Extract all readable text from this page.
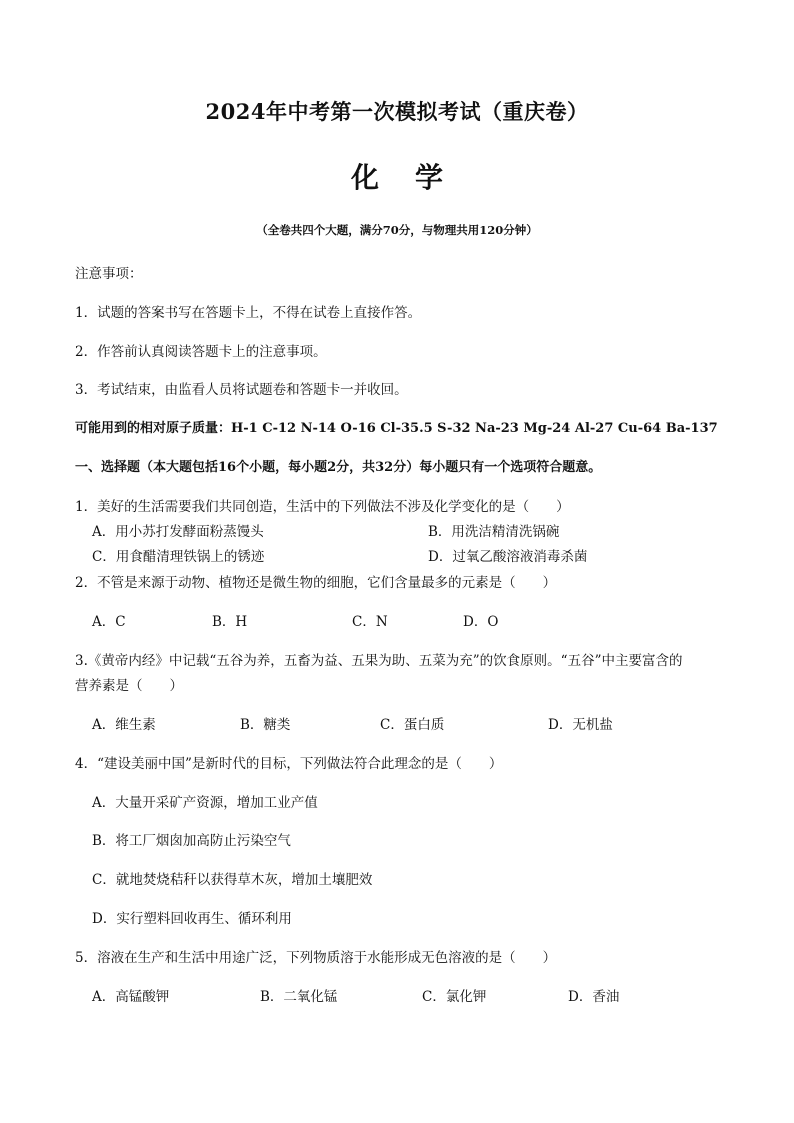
2024年中考第一次模拟考试（重庆卷）
化 学
（全卷共四个大题，满分70分，与物理共用120分钟）
注意事项：
1．试题的答案书写在答题卡上，不得在试卷上直接作答。
2．作答前认真阅读答题卡上的注意事项。
3．考试结束，由监看人员将试题卷和答题卡一并收回。
可能用到的相对原子质量：H-1 C-12 N-14 O-16 Cl-35.5 S-32 Na-23 Mg-24 Al-27 Cu-64 Ba-137
一、选择题（本大题包括16个小题，每小题2分，共32分）每小题只有一个选项符合题意。
1．美好的生活需要我们共同创造，生活中的下列做法不涉及化学变化的是（　　）
A．用小苏打发酵面粉蒸馒头	B．用洗洁精清洗锅碗
C．用食醋清理铁锅上的锈迹	D．过氧乙酸溶液消毒杀菌
2．不管是来源于动物、植物还是微生物的细胞，它们含量最多的元素是（　　）
A．C	B．H	C．N	D．O
3.《黄帝内经》中记载“五谷为养，五畜为益、五果为助、五菜为充”的饮食原则。“五谷”中主要富含的
营养素是（　　）
A．维生素	B．糖类	C．蛋白质	D．无机盐
4．“建设美丽中国”是新时代的目标，下列做法符合此理念的是（　　）
A．大量开采矿产资源，增加工业产值
B．将工厂烟囱加高防止污染空气
C．就地焚烧秸秆以获得草木灰，增加土壤肥效
D．实行塑料回收再生、循环利用
5．溶液在生产和生活中用途广泛，下列物质溶于水能形成无色溶液的是（　　）
A．高锰酸钾	B．二氧化锰	C．氯化钾	D．香油
